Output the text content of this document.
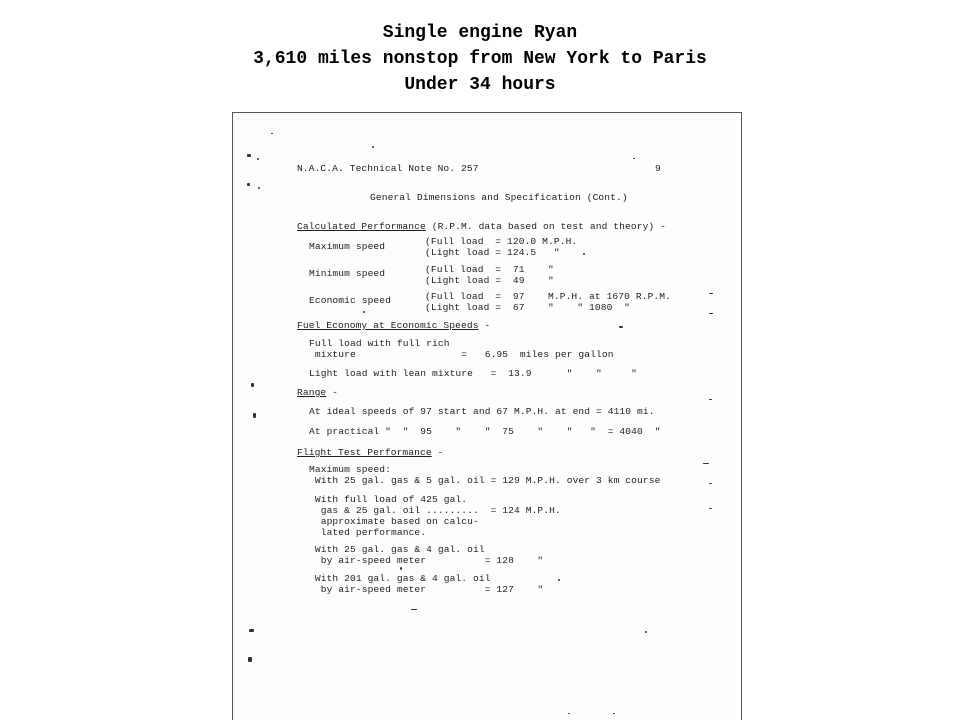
Single engine Ryan
3,610 miles nonstop from New York to Paris
Under 34 hours
N.A.C.A. Technical Note No. 257	9
General Dimensions and Specification (Cont.)
Calculated Performance (R.P.M. data based on test and theory) -
Maximum speed	(Full load  = 120.0 M.P.H.
(Light load = 124.5   "
Minimum speed	(Full load  =  71    "
(Light load =  49    "
Economic speed	(Full load  =  97    M.P.H. at 1670 R.P.M.
(Light load =  67    "    " 1080  "
Fuel Economy at Economic Speeds -
Full load with full rich
mixture                  =   6.95  miles per gallon
Light load with lean mixture   =  13.9      "    "     "
Range -
At ideal speeds of 97 start and 67 M.P.H. at end = 4110 mi.
At practical "  "  95    "    "  75    "    "   "  = 4040  "
Flight Test Performance -
Maximum speed:
With 25 gal. gas & 5 gal. oil = 129 M.P.H. over 3 km course
With full load of 425 gal.
gas & 25 gal. oil .........  = 124 M.P.H.
approximate based on calcu-
lated performance.
With 25 gal. gas & 4 gal. oil
by air-speed meter          = 128    "
With 201 gal. gas & 4 gal. oil
by air-speed meter          = 127    "
